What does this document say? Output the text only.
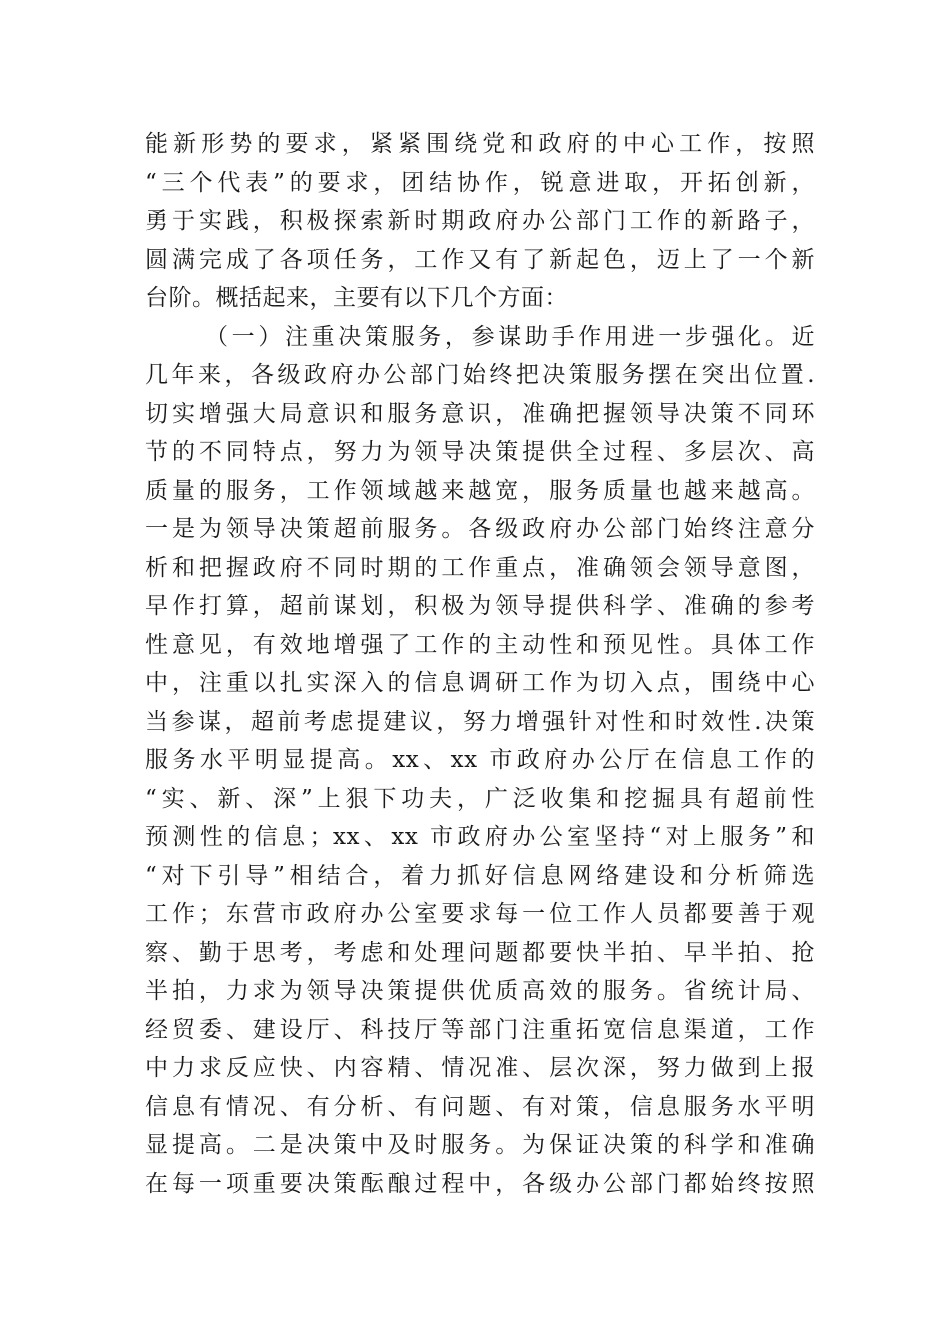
能新形势的要求，紧紧围绕党和政府的中心工作，按照
“三个代表”的要求，团结协作，锐意进取，开拓创新，
勇于实践，积极探索新时期政府办公部门工作的新路子，
圆满完成了各项任务，工作又有了新起色，迈上了一个新
台阶。概括起来，主要有以下几个方面：
（一）注重决策服务，参谋助手作用进一步强化。近
几年来，各级政府办公部门始终把决策服务摆在突出位置.
切实增强大局意识和服务意识，准确把握领导决策不同环
节的不同特点，努力为领导决策提供全过程、多层次、高
质量的服务，工作领域越来越宽，服务质量也越来越高。
一是为领导决策超前服务。各级政府办公部门始终注意分
析和把握政府不同时期的工作重点，准确领会领导意图，
早作打算，超前谋划，积极为领导提供科学、准确的参考
性意见，有效地增强了工作的主动性和预见性。具体工作
中，注重以扎实深入的信息调研工作为切入点，围绕中心
当参谋，超前考虑提建议，努力增强针对性和时效性.决策
服务水平明显提高。xx、xx 市政府办公厅在信息工作的
“实、新、深”上狠下功夫，广泛收集和挖掘具有超前性
预测性的信息；xx、xx 市政府办公室坚持“对上服务”和
“对下引导”相结合，着力抓好信息网络建设和分析筛选
工作；东营市政府办公室要求每一位工作人员都要善于观
察、勤于思考，考虑和处理问题都要快半拍、早半拍、抢
半拍，力求为领导决策提供优质高效的服务。省统计局、
经贸委、建设厅、科技厅等部门注重拓宽信息渠道，工作
中力求反应快、内容精、情况准、层次深，努力做到上报
信息有情况、有分析、有问题、有对策，信息服务水平明
显提高。二是决策中及时服务。为保证决策的科学和准确
在每一项重要决策酝酿过程中，各级办公部门都始终按照
